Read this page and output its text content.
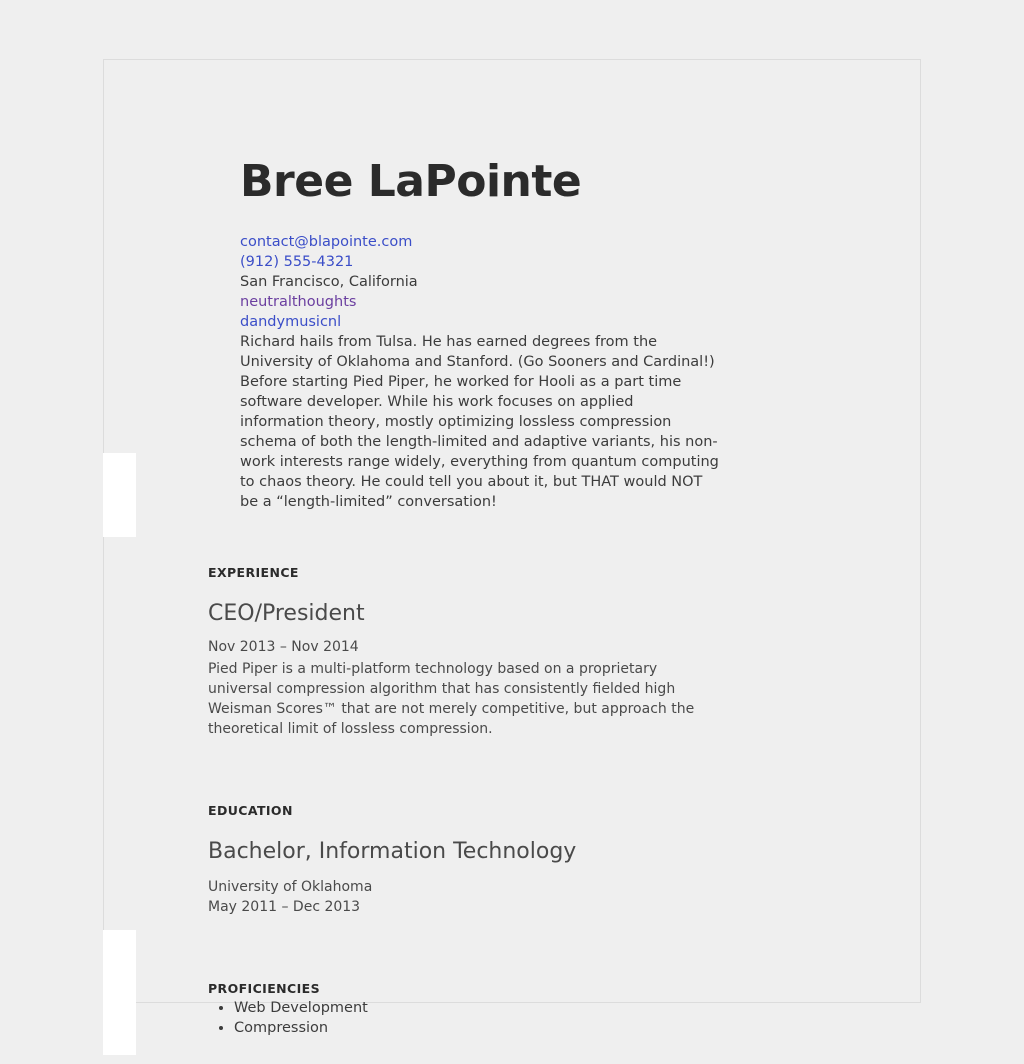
Bree LaPointe
contact@blapointe.com
(912) 555-4321
San Francisco, California
neutralthoughts
dandymusicnl
Richard hails from Tulsa. He has earned degrees from the University of Oklahoma and Stanford. (Go Sooners and Cardinal!) Before starting Pied Piper, he worked for Hooli as a part time software developer. While his work focuses on applied information theory, mostly optimizing lossless compression schema of both the length-limited and adaptive variants, his non-work interests range widely, everything from quantum computing to chaos theory. He could tell you about it, but THAT would NOT be a “length-limited” conversation!
EXPERIENCE
CEO/President
Nov 2013 – Nov 2014
Pied Piper is a multi-platform technology based on a proprietary universal compression algorithm that has consistently fielded high Weisman Scores™ that are not merely competitive, but approach the theoretical limit of lossless compression.
EDUCATION
Bachelor, Information Technology
University of Oklahoma
May 2011 – Dec 2013
PROFICIENCIES
• Web Development
• Compression
